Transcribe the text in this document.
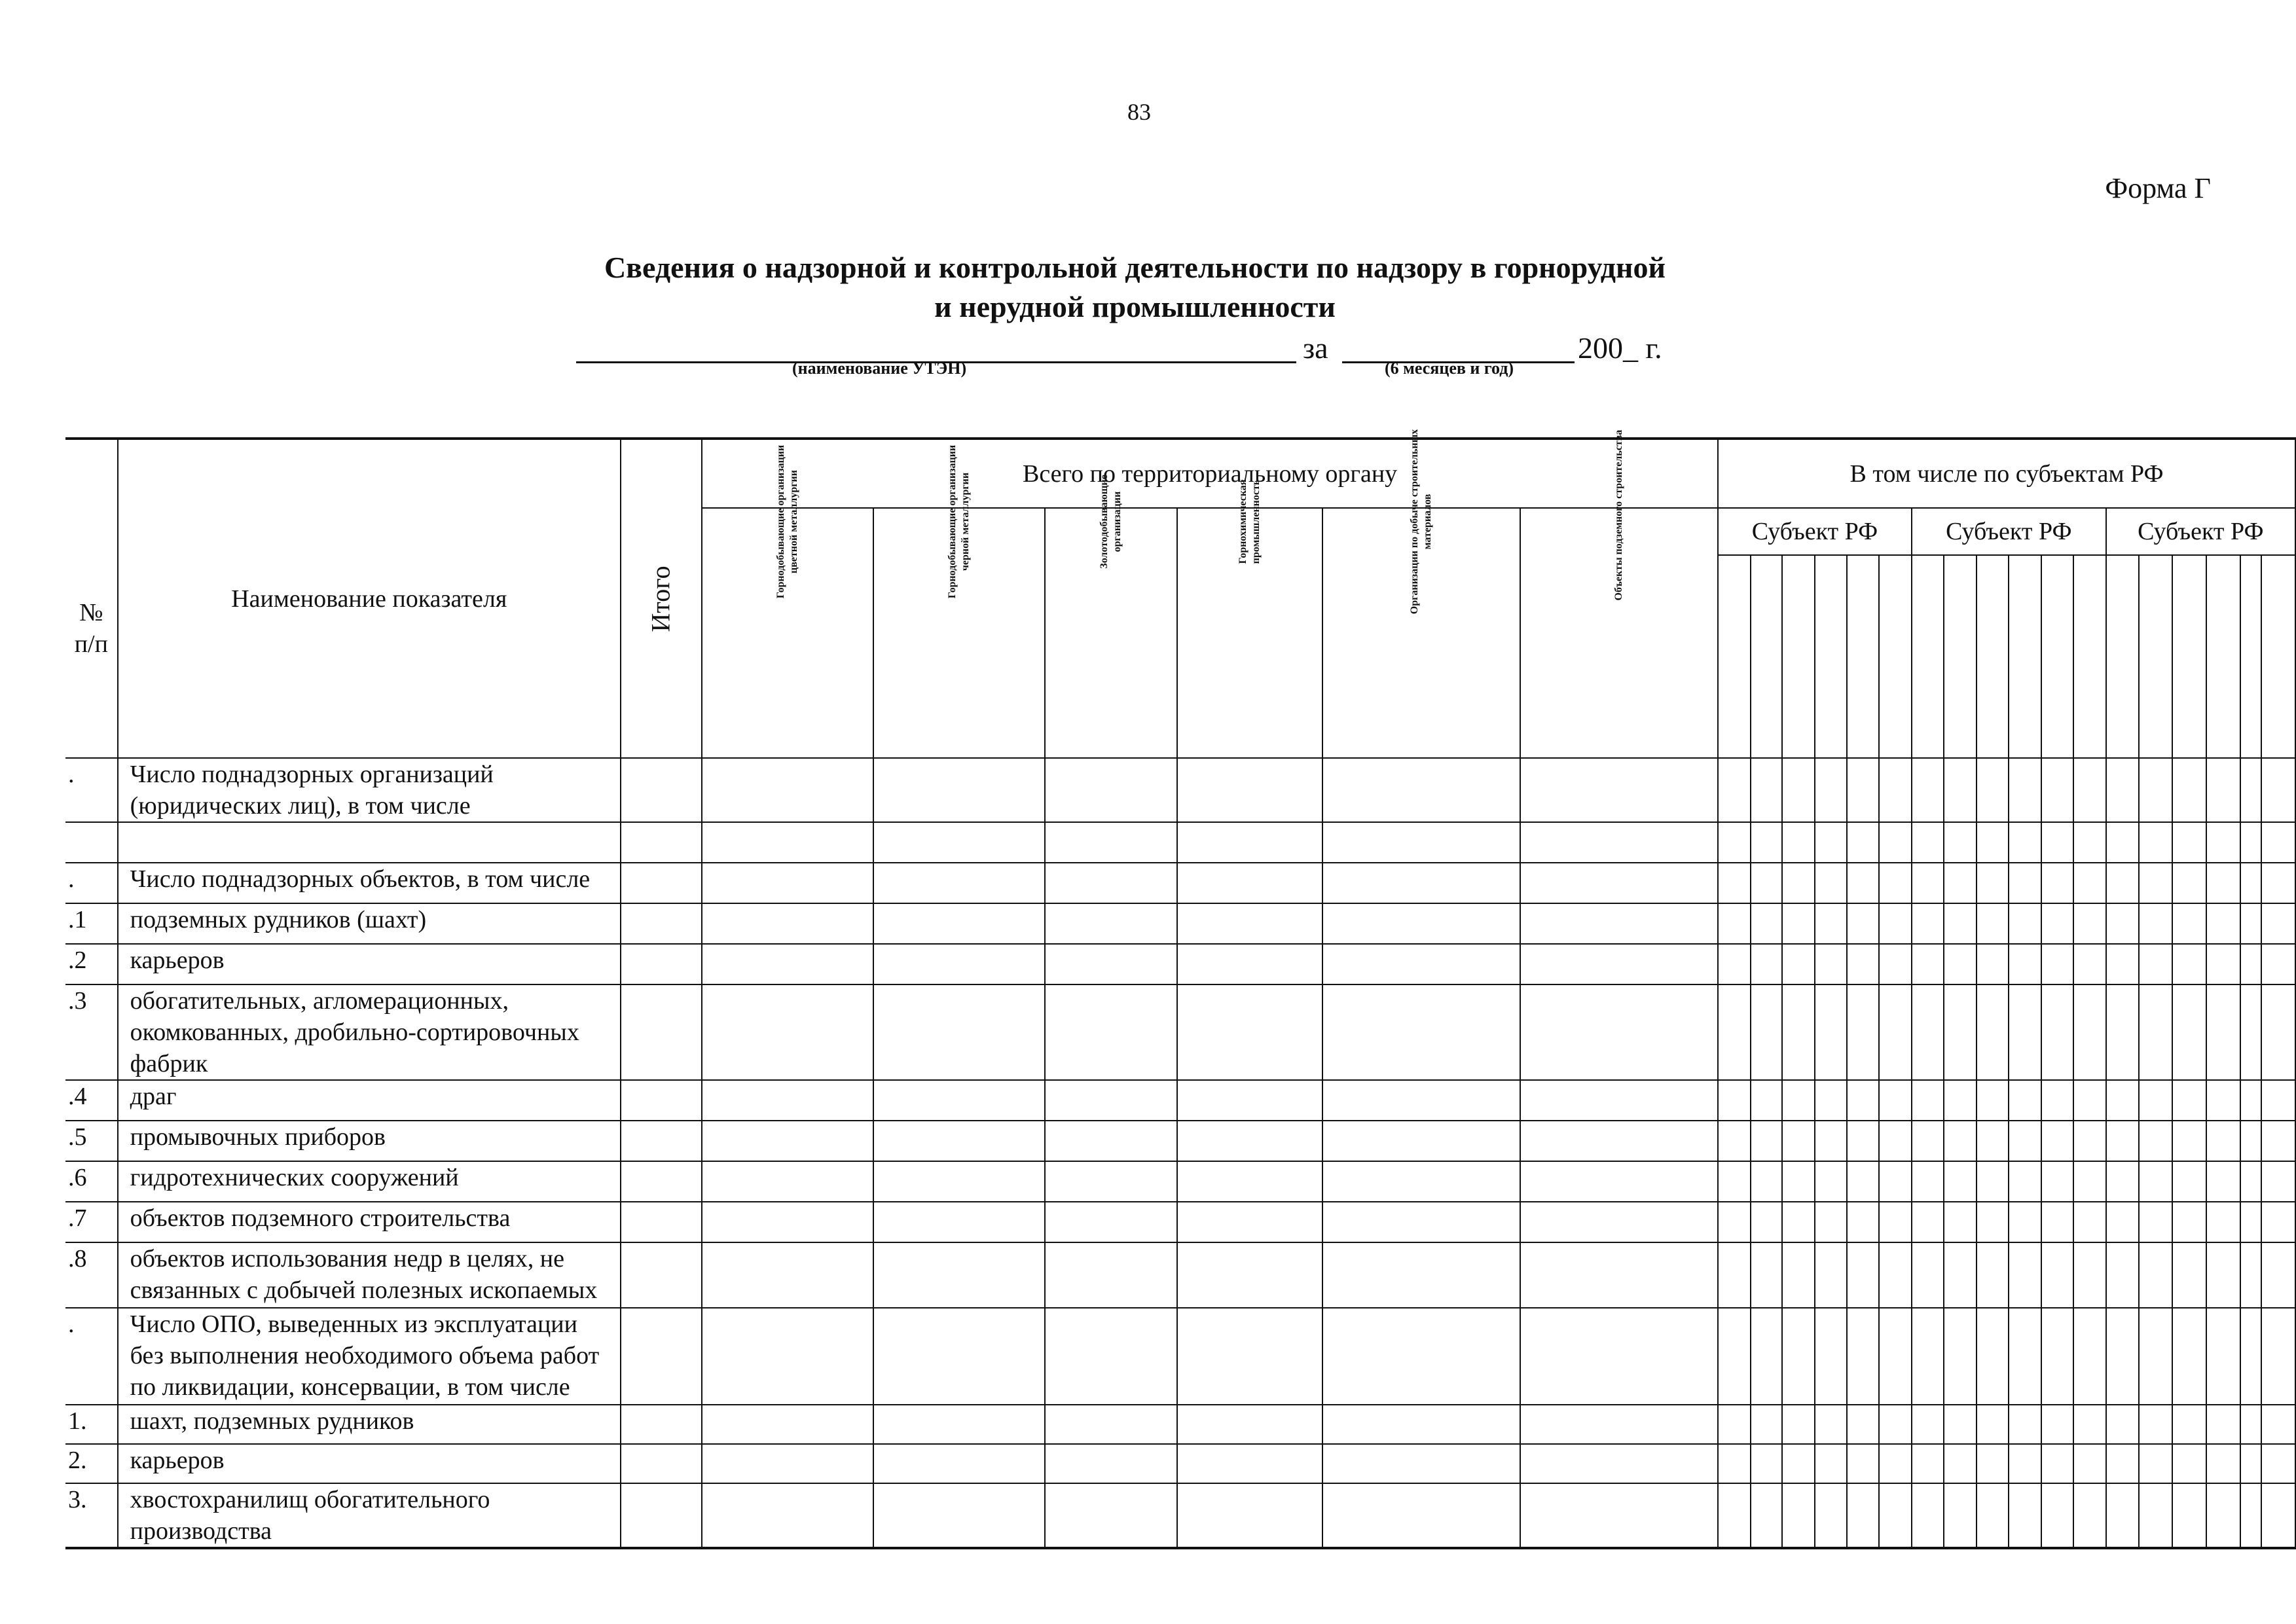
83
Форма Г
Сведения о надзорной и контрольной деятельности по надзору в горнорудной
и нерудной промышленности
(наименование УТЭН)
за
(6 месяцев и год)
200_ г.
№ п/п	Наименование показателя	Итого	Всего по территориальному органу						В том числе по субъектам РФ																	

			Горнодобывающие организации цветной металлургии	Горнодобывающие организации черной металлургии	Золотодобывающие организации	Горнохимическая промышленность	Организации по добыче строительных материалов	Объекты подземного строительства	Субъект РФ						Субъект РФ						Субъект РФ					

.	Число поднадзорных организаций (юридических лиц), в том числе																									

.	Число поднадзорных объектов, в том числе																									
.1	подземных рудников (шахт)																									
.2	карьеров																									
.3	обогатительных, агломерационных, окомкованных, дробильно-сортировочных фабрик																									
.4	драг																									
.5	промывочных приборов																									
.6	гидротехнических сооружений																									
.7	объектов подземного строительства																									
.8	объектов использования недр в целях, не связанных с добычей полезных ископаемых																									
.	Число ОПО, выведенных из эксплуатации без выполнения необходимого объема работ по ликвидации, консервации, в том числе																									
1.	шахт, подземных рудников																									
2.	карьеров																									
3.	хвостохранилищ обогатительного производства																									
